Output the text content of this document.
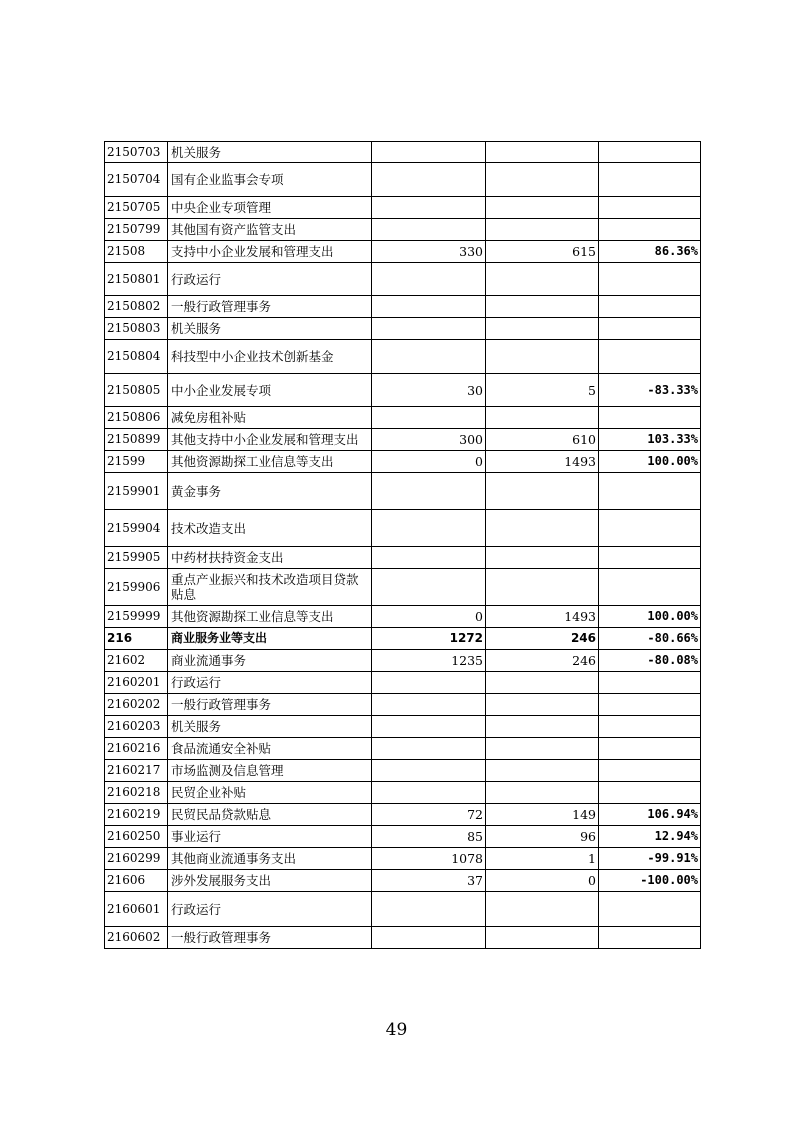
2150703	机关服务			
2150704	国有企业监事会专项			
2150705	中央企业专项管理			
2150799	其他国有资产监管支出			
21508	支持中小企业发展和管理支出	330	615	86.36%
2150801	行政运行			
2150802	一般行政管理事务			
2150803	机关服务			
2150804	科技型中小企业技术创新基金			
2150805	中小企业发展专项	30	5	-83.33%
2150806	减免房租补贴			
2150899	其他支持中小企业发展和管理支出	300	610	103.33%
21599	其他资源勘探工业信息等支出	0	1493	100.00%
2159901	黄金事务			
2159904	技术改造支出			
2159905	中药材扶持资金支出			
2159906	重点产业振兴和技术改造项目贷款贴息			
2159999	其他资源勘探工业信息等支出	0	1493	100.00%
216	商业服务业等支出	1272	246	-80.66%
21602	商业流通事务	1235	246	-80.08%
2160201	行政运行			
2160202	一般行政管理事务			
2160203	机关服务			
2160216	食品流通安全补贴			
2160217	市场监测及信息管理			
2160218	民贸企业补贴			
2160219	民贸民品贷款贴息	72	149	106.94%
2160250	事业运行	85	96	12.94%
2160299	其他商业流通事务支出	1078	1	-99.91%
21606	涉外发展服务支出	37	0	-100.00%
2160601	行政运行			
2160602	一般行政管理事务			
49
